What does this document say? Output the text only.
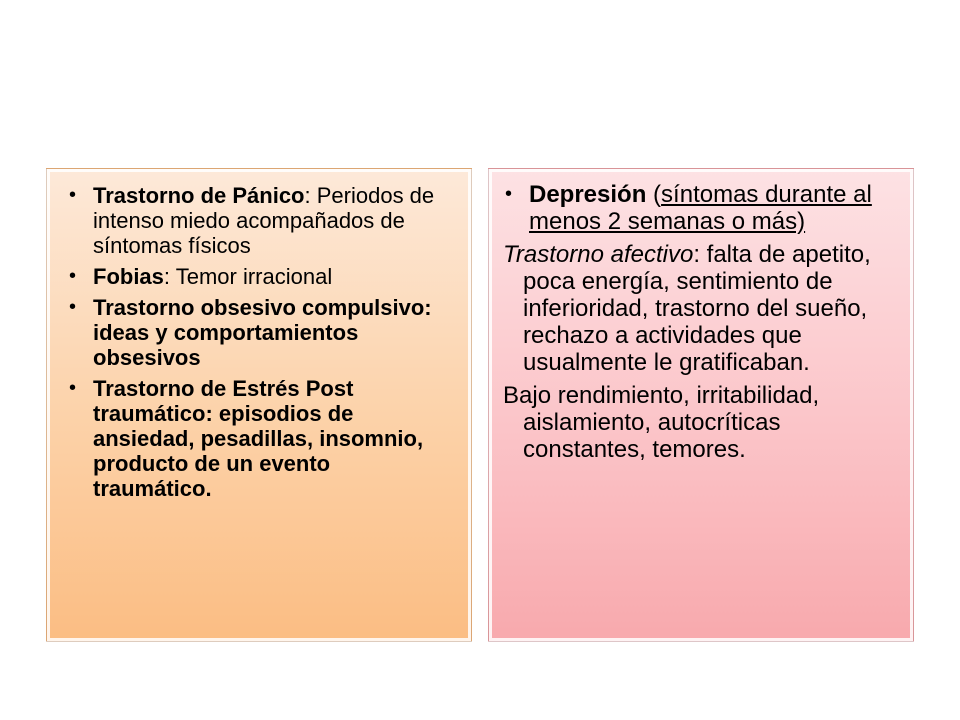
• Trastorno de Pánico: Periodos de intenso miedo acompañados de síntomas físicos
• Fobias: Temor irracional
• Trastorno obsesivo compulsivo: ideas y comportamientos obsesivos
• Trastorno de Estrés Post traumático: episodios de ansiedad, pesadillas, insomnio, producto de un evento traumático.
• Depresión (síntomas durante al menos 2 semanas o más)

Trastorno afectivo: falta de apetito, poca energía, sentimiento de inferioridad, trastorno del sueño, rechazo a actividades que usualmente le gratificaban.

Bajo rendimiento, irritabilidad, aislamiento, autocríticas constantes, temores.
